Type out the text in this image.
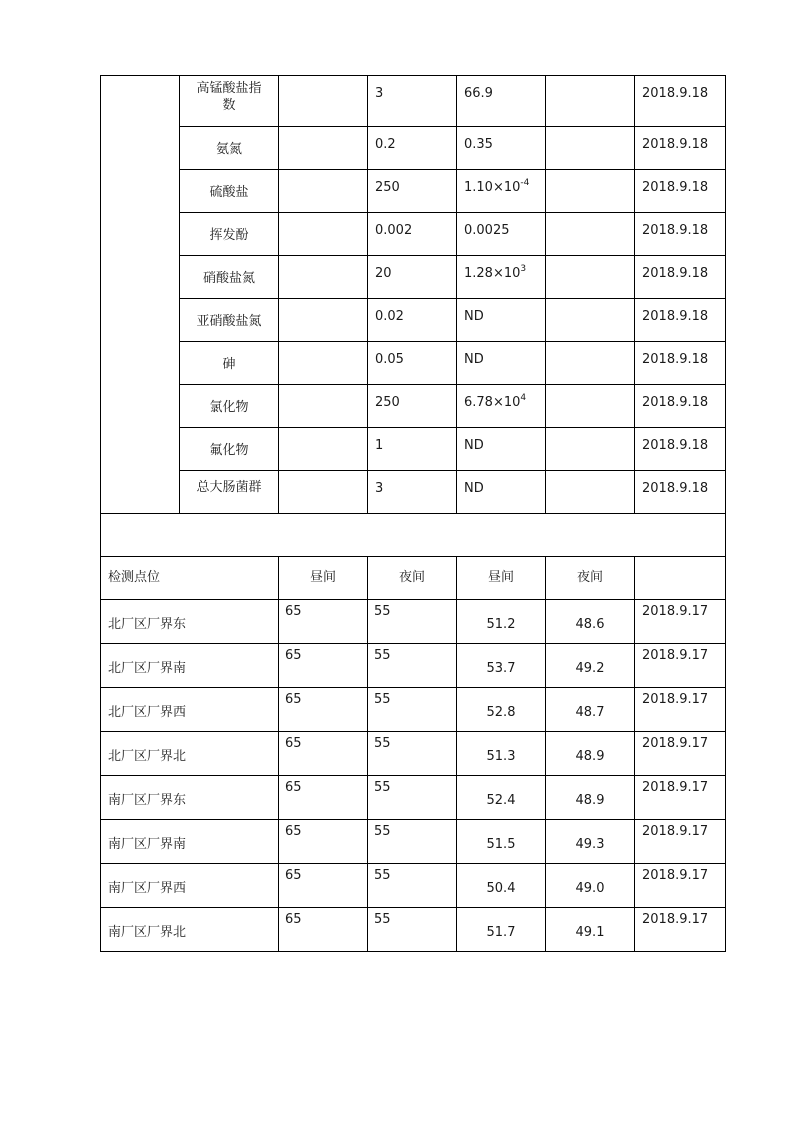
	高锰酸盐指
数		3	66.9		2018.9.18
	氨氮		0.2	0.35		2018.9.18
	硫酸盐		250	$1.10\times 10^{-4}$		2018.9.18
	挥发酚		0.002	0.0025		2018.9.18
	硝酸盐氮		20	$1.28\times 10^3$		2018.9.18
	亚硝酸盐氮		0.02	ND		2018.9.18
	砷		0.05	ND		2018.9.18
	氯化物		250	$6.78\times 10^4$		2018.9.18
	氟化物		1	ND		2018.9.18
	总大肠菌群		3	ND		2018.9.18

检测点位		昼间	夜间	昼间	夜间	
北厂区厂界东		65	55	51.2	48.6	2018.9.17
北厂区厂界南		65	55	53.7	49.2	2018.9.17
北厂区厂界西		65	55	52.8	48.7	2018.9.17
北厂区厂界北		65	55	51.3	48.9	2018.9.17
南厂区厂界东		65	55	52.4	48.9	2018.9.17
南厂区厂界南		65	55	51.5	49.3	2018.9.17
南厂区厂界西		65	55	50.4	49.0	2018.9.17
南厂区厂界北		65	55	51.7	49.1	2018.9.17
